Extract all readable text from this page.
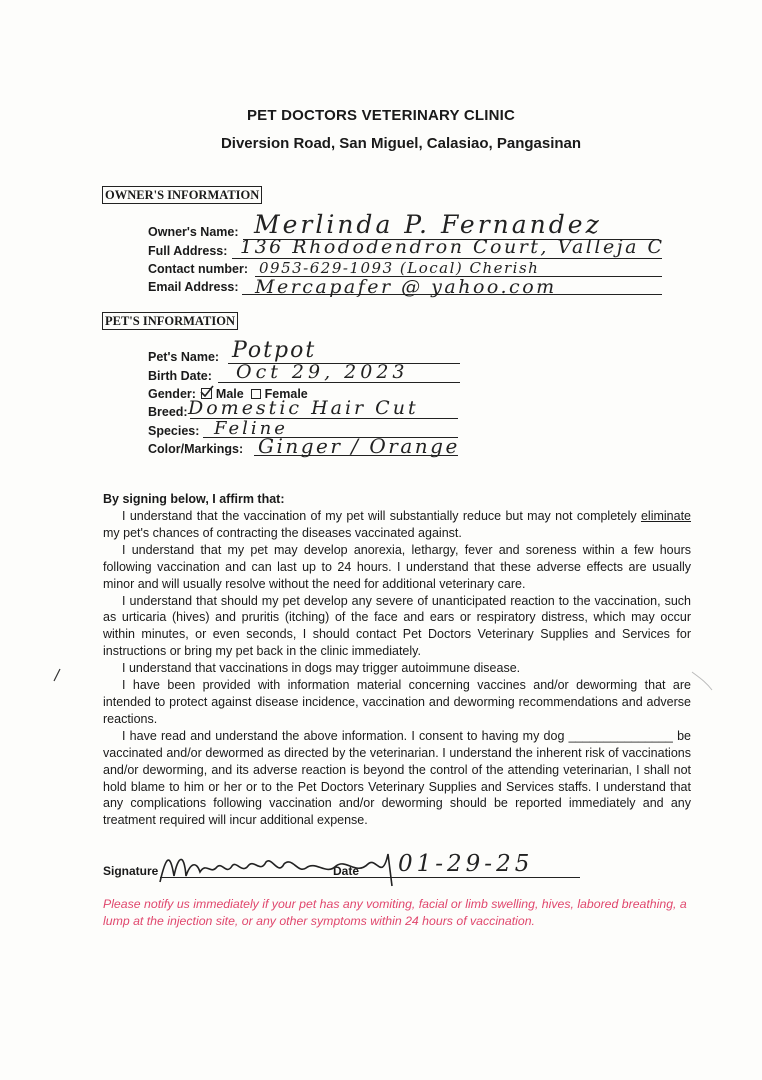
PET DOCTORS VETERINARY CLINIC
Diversion Road, San Miguel, Calasiao, Pangasinan
OWNER'S INFORMATION
Owner's Name: Merlinda P. Fernandez
Full Address: 136 Rhododendron Court, Valleja C
Contact number: 0953-629-1093 (Local) Cherish
Email Address: Mercapafer @ yahoo.com
PET'S INFORMATION
Pet's Name: Potpot
Birth Date: Oct 29, 2023
Gender: Male Female
Breed: Domestic Hair Cut
Species: Feline
Color/Markings: Ginger / Orange
By signing below, I affirm that:

I understand that the vaccination of my pet will substantially reduce but may not completely eliminate my pet's chances of contracting the diseases vaccinated against.

I understand that my pet may develop anorexia, lethargy, fever and soreness within a few hours following vaccination and can last up to 24 hours. I understand that these adverse effects are usually minor and will usually resolve without the need for additional veterinary care.

I understand that should my pet develop any severe of unanticipated reaction to the vaccination, such as urticaria (hives) and pruritis (itching) of the face and ears or respiratory distress, which may occur within minutes, or even seconds, I should contact Pet Doctors Veterinary Supplies and Services for instructions or bring my pet back in the clinic immediately.

I understand that vaccinations in dogs may trigger autoimmune disease.

I have been provided with information material concerning vaccines and/or deworming that are intended to protect against disease incidence, vaccination and deworming recommendations and adverse reactions.

I have read and understand the above information. I consent to having my dog _______________ be vaccinated and/or dewormed as directed by the veterinarian. I understand the inherent risk of vaccinations and/or deworming, and its adverse reaction is beyond the control of the attending veterinarian, I shall not hold blame to him or her or to the Pet Doctors Veterinary Supplies and Services staffs. I understand that any complications following vaccination and/or deworming should be reported immediately and any treatment required will incur additional expense.

Signature	Date 01-29-25
Please notify us immediately if your pet has any vomiting, facial or limb swelling, hives, labored breathing, a lump at the injection site, or any other symptoms within 24 hours of vaccination.
